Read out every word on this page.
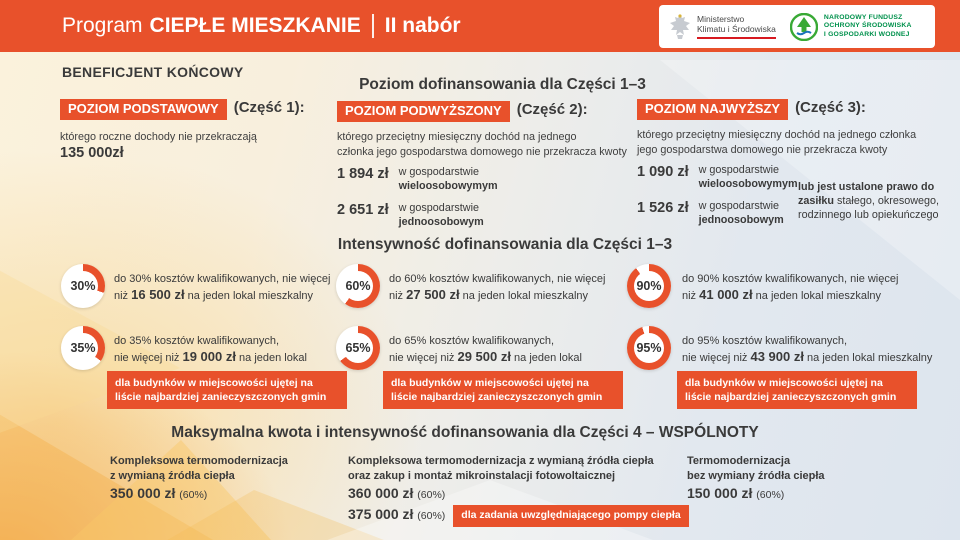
Program CIEPŁE MIESZKANIE II nabór	Ministerstwo
Klimatu i Środowiska
NARODOWY FUNDUSZ
OCHRONY ŚRODOWISKA
I GOSPODARKI WODNEJ
BENEFICJENT KOŃCOWY
Poziom dofinansowania dla Części 1–3
POZIOM PODSTAWOWY (Część 1):
którego roczne dochody nie przekraczają
135 000zł
POZIOM PODWYŻSZONY (Część 2):
którego przeciętny miesięczny dochód na jednego
członka jego gospodarstwa domowego nie przekracza kwoty
1 894 zł w gospodarstwie
wieloosobowymym
2 651 zł w gospodarstwie
jednoosobowym
POZIOM NAJWYŻSZY (Część 3):
którego przeciętny miesięczny dochód na jednego członka
jego gospodarstwa domowego nie przekracza kwoty
1 090 zł w gospodarstwie
wieloosobowymym
1 526 zł w gospodarstwie
jednoosobowym
lub jest ustalone prawo do zasiłku stałego, okresowego, rodzinnego lub opiekuńczego
Intensywność dofinansowania dla Części 1–3
30% do 30% kosztów kwalifikowanych, nie więcej
niż 16 500 zł na jeden lokal mieszkalny
60% do 60% kosztów kwalifikowanych, nie więcej
niż 27 500 zł na jeden lokal mieszkalny
90% do 90% kosztów kwalifikowanych, nie więcej
niż 41 000 zł na jeden lokal mieszkalny
35% do 35% kosztów kwalifikowanych,
nie więcej niż 19 000 zł na jeden lokal
dla budynków w miejscowości ujętej na liście najbardziej zanieczyszczonych gmin
65% do 65% kosztów kwalifikowanych,
nie więcej niż 29 500 zł na jeden lokal
dla budynków w miejscowości ujętej na liście najbardziej zanieczyszczonych gmin
95% do 95% kosztów kwalifikowanych,
nie więcej niż 43 900 zł na jeden lokal mieszkalny
dla budynków w miejscowości ujętej na liście najbardziej zanieczyszczonych gmin
Maksymalna kwota i intensywność dofinansowania dla Części 4 – WSPÓLNOTY
Kompleksowa termomodernizacja
z wymianą źródła ciepła
350 000 zł (60%)
Kompleksowa termomodernizacja z wymianą źródła ciepła
oraz zakup i montaż mikroinstalacji fotowoltaicznej
360 000 zł (60%)
375 000 zł (60%) dla zadania uwzględniającego pompy ciepła
Termomodernizacja
bez wymiany źródła ciepła
150 000 zł (60%)
